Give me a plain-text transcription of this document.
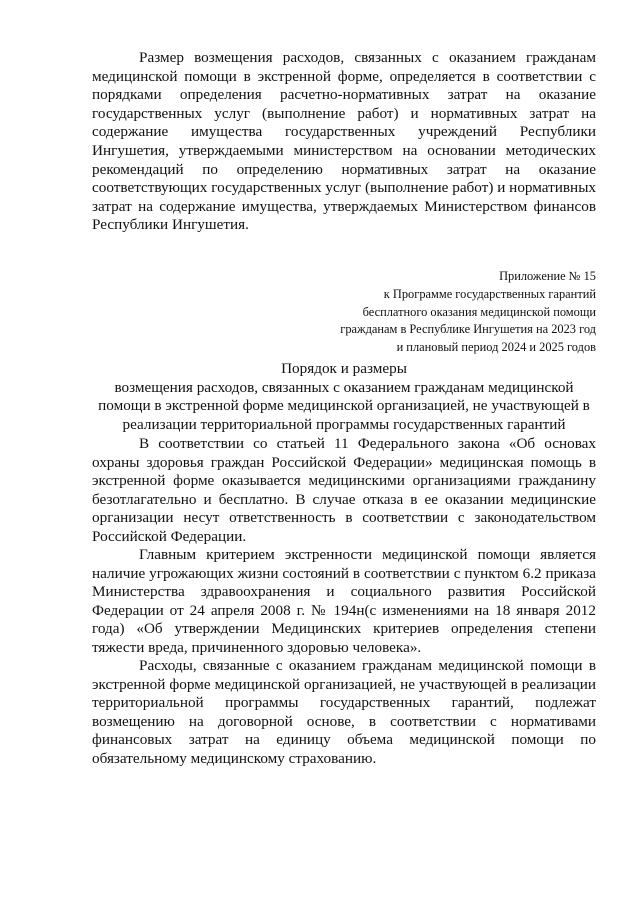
Размер возмещения расходов, связанных с оказанием гражданам медицинской помощи в экстренной форме, определяется в соответствии с порядками определения расчетно-нормативных затрат на оказание государственных услуг (выполнение работ) и нормативных затрат на содержание имущества государственных учреждений Республики Ингушетия, утверждаемыми министерством на основании методических рекомендаций по определению нормативных затрат на оказание соответствующих государственных услуг (выполнение работ) и нормативных затрат на содержание имущества, утверждаемых Министерством финансов Республики Ингушетия.

Приложение № 15
к Программе государственных гарантий
бесплатного оказания медицинской помощи
гражданам в Республике Ингушетия на 2023 год
и плановый период 2024 и 2025 годов
Порядок и размеры
возмещения расходов, связанных с оказанием гражданам медицинской
помощи в экстренной форме медицинской организацией, не участвующей в
реализации территориальной программы государственных гарантий

В соответствии со статьей 11 Федерального закона «Об основах охраны здоровья граждан Российской Федерации» медицинская помощь в экстренной форме оказывается медицинскими организациями гражданину безотлагательно и бесплатно. В случае отказа в ее оказании медицинские организации несут ответственность в соответствии с законодательством Российской Федерации.

Главным критерием экстренности медицинской помощи является наличие угрожающих жизни состояний в соответствии с пунктом 6.2 приказа Министерства здравоохранения и социального развития Российской Федерации от 24 апреля 2008 г. № 194н(с изменениями на 18 января 2012 года) «Об утверждении Медицинских критериев определения степени тяжести вреда, причиненного здоровью человека».

Расходы, связанные с оказанием гражданам медицинской помощи в экстренной форме медицинской организацией, не участвующей в реализации территориальной программы государственных гарантий, подлежат возмещению на договорной основе, в соответствии с нормативами финансовых затрат на единицу объема медицинской помощи по обязательному медицинскому страхованию.
